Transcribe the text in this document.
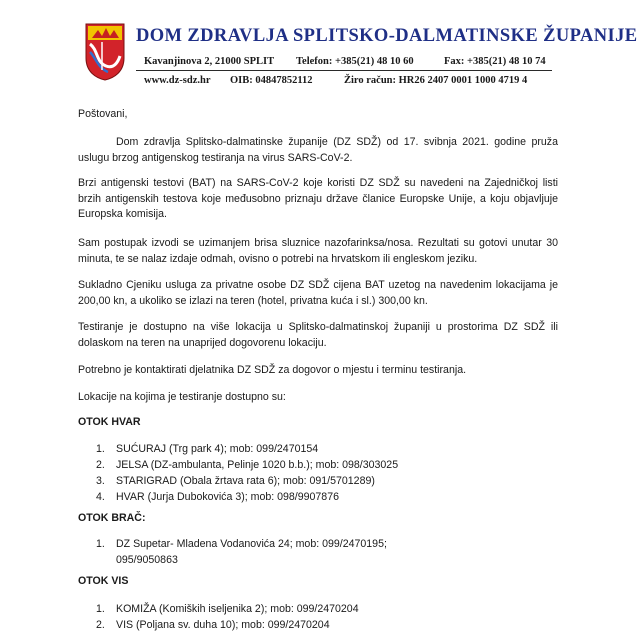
DOM ZDRAVLJA SPLITSKO-DALMATINSKE ŽUPANIJE
Kavanjinova 2, 21000 SPLIT Telefon: +385(21) 48 10 60	Fax: +385(21) 48 10 74
www.dz-sdz.hr OIB: 04847852112	Žiro račun: HR26 2407 0001 1000 4719 4
Poštovani,

Dom zdravlja Splitsko-dalmatinske županije (DZ SDŽ) od 17. svibnja 2021. godine pruža uslugu brzog antigenskog testiranja na virus SARS-CoV-2.

Brzi antigenski testovi (BAT) na SARS-CoV-2 koje koristi DZ SDŽ su navedeni na Zajedničkoj listi brzih antigenskih testova koje međusobno priznaju države članice Europske Unije, a koju objavljuje Europska komisija.

Sam postupak izvodi se uzimanjem brisa sluznice nazofarinksa/nosa. Rezultati su gotovi unutar 30 minuta, te se nalaz izdaje odmah, ovisno o potrebi na hrvatskom ili engleskom jeziku.

Sukladno Cjeniku usluga za privatne osobe DZ SDŽ cijena BAT uzetog na navedenim lokacijama je 200,00 kn, a ukoliko se izlazi na teren (hotel, privatna kuća i sl.) 300,00 kn.

Testiranje je dostupno na više lokacija u Splitsko-dalmatinskoj županiji u prostorima DZ SDŽ ili dolaskom na teren na unaprijed dogovorenu lokaciju.

Potrebno je kontaktirati djelatnika DZ SDŽ za dogovor o mjestu i terminu testiranja.
Lokacije na kojima je testiranje dostupno su:
OTOK HVAR
1. SUĆURAJ (Trg park 4); mob: 099/2470154
2. JELSA (DZ-ambulanta, Pelinje 1020 b.b.); mob: 098/303025
3. STARIGRAD (Obala žrtava rata 6); mob: 091/5701289)
4. HVAR (Jurja Dubokovića 3); mob: 098/9907876
OTOK BRAČ:
1. DZ Supetar- Mladena Vodanovića 24; mob: 099/2470195; 095/9050863
OTOK VIS
1. KOMIŽA (Komiških iseljenika 2); mob: 099/2470204
2. VIS (Poljana sv. duha 10); mob: 099/2470204
